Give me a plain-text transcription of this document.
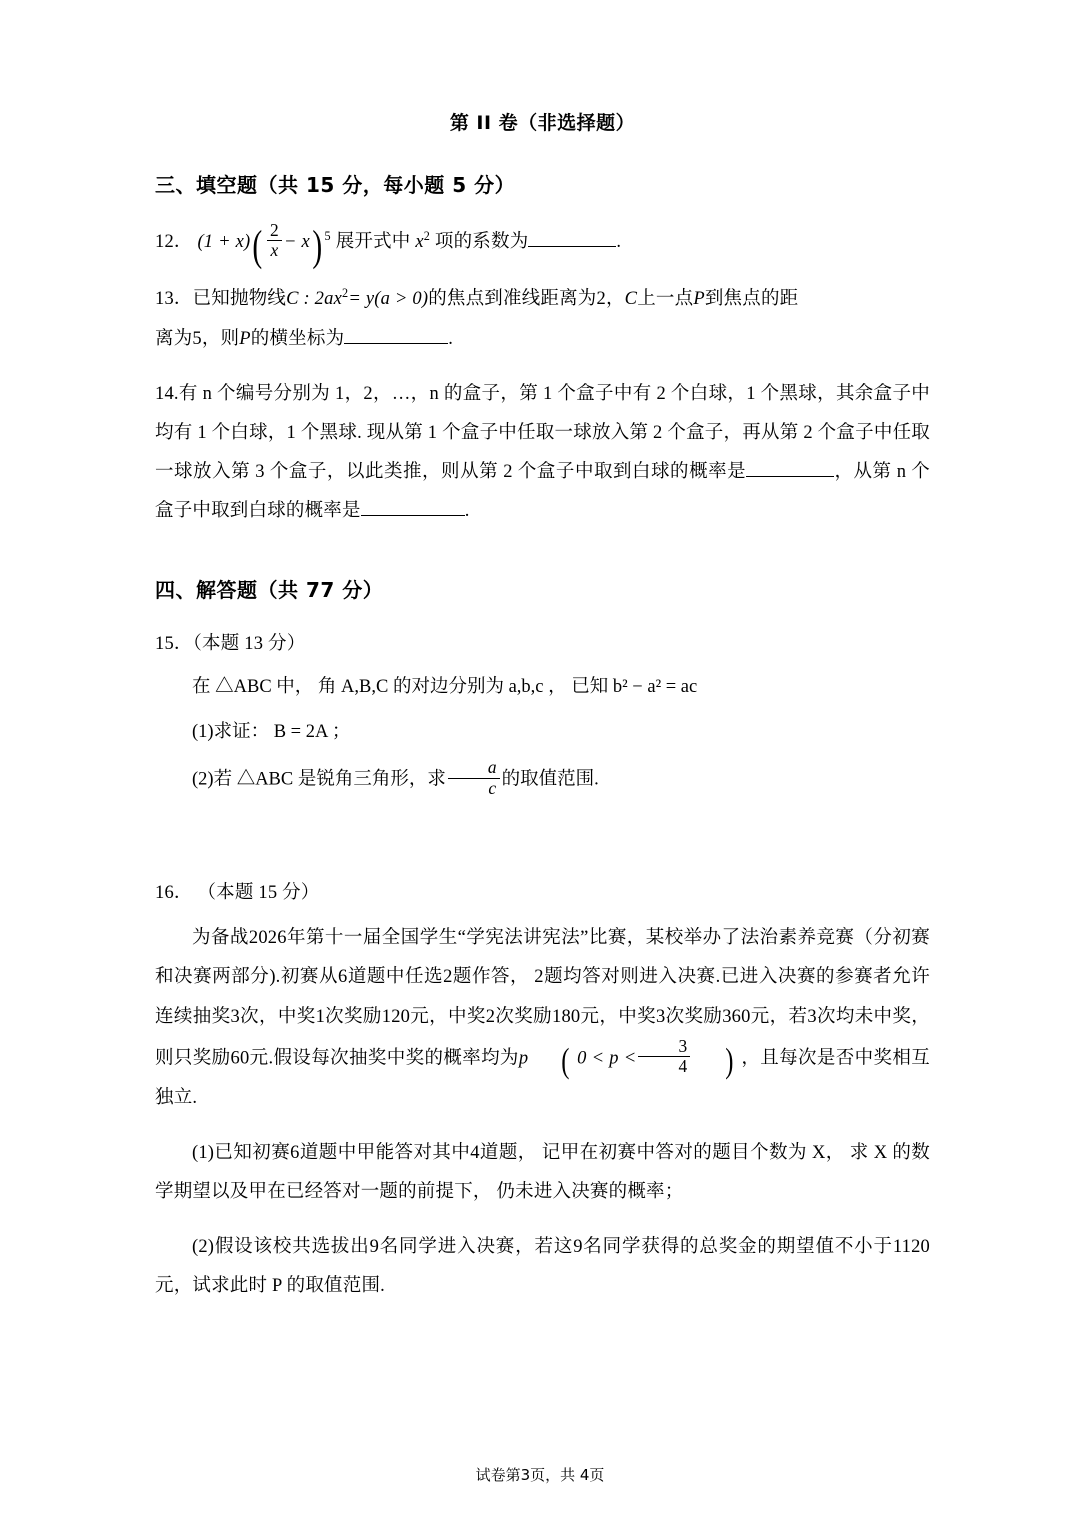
第 II 卷（非选择题）
三、填空题（共 15 分，每小题 5 分）
12． $(1 + x)( \frac{2}{x} - x)$ $^5$ 展开式中 $x^2$ 项的系数为	.
13．已知抛物线C : $2ax^2= y(a > 0)$的焦点到准线距离为2，C上一点P到焦点的距
离为5，则P的横坐标为	.
14.有 n 个编号分别为 1，2，…，n 的盒子，第 1 个盒子中有 2 个白球，1 个黑球，其余盒子中均有 1 个白球，1 个黑球. 现从第 1 个盒子中任取一球放入第 2 个盒子，再从第 2 个盒子中任取一球放入第 3 个盒子，以此类推，则从第 2 个盒子中取到白球的概率是	，从第 n 个盒子中取到白球的概率是	.
四、解答题（共 77 分）
15．（本题 13 分）
在 △ABC 中， 角 A,B,C 的对边分别为 a,b,c ， 已知 b² − a² = ac
(1)求证： B = 2A ；
(2)若 △ABC 是锐角三角形，求 $\frac{a}{c}$ 的取值范围.
16． （本题 15 分）
为备战2026年第十一届全国学生“学宪法讲宪法”比赛，某校举办了法治素养竞赛（分初赛和决赛两部分).初赛从6道题中任选2题作答， 2题均答对则进入决赛.已进入决赛的参赛者允许连续抽奖3次，中奖1次奖励120元，中奖2次奖励180元，中奖3次奖励360元，若3次均未中奖，则只奖励60元.假设每次抽奖中奖的概率均为p ( $0 < p < \frac{3}{4}$ ) ，且每次是否中奖相互独立.
(1)已知初赛6道题中甲能答对其中4道题， 记甲在初赛中答对的题目个数为 X， 求 X 的数学期望以及甲在已经答对一题的前提下， 仍未进入决赛的概率；
(2)假设该校共选拔出9名同学进入决赛，若这9名同学获得的总奖金的期望值不小于1120元，试求此时 P 的取值范围.
试卷第3页，共 4页
